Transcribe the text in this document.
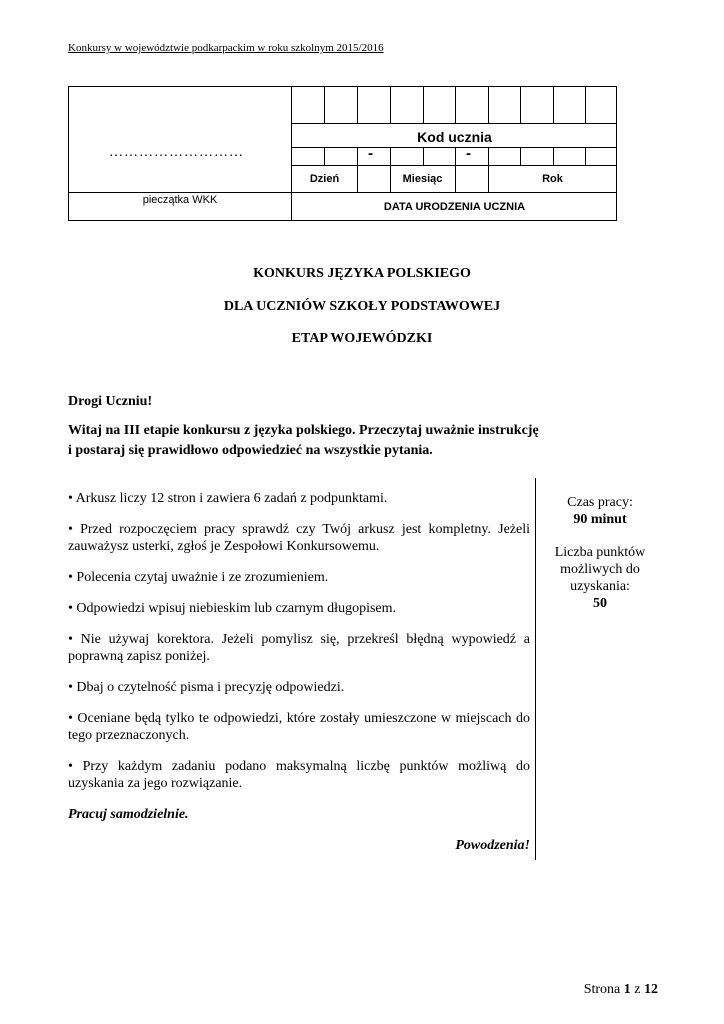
Konkursy w województwie podkarpackim w roku szkolnym 2015/2016
………………………
pieczątka WKK
-	-
Dzień	Miesiąc	Rok
DATA URODZENIA UCZNIA
Kod ucznia
KONKURS JĘZYKA POLSKIEGO
DLA UCZNIÓW SZKOŁY PODSTAWOWEJ
ETAP WOJEWÓDZKI
Drogi Uczniu!
Witaj na III etapie konkursu z języka polskiego. Przeczytaj uważnie instrukcję
i postaraj się prawidłowo odpowiedzieć na wszystkie pytania.

• Arkusz liczy 12 stron i zawiera 6 zadań z podpunktami.

• Przed rozpoczęciem pracy sprawdź czy Twój arkusz jest kompletny. Jeżeli zauważysz usterki, zgłoś je Zespołowi Konkursowemu.

• Polecenia czytaj uważnie i ze zrozumieniem.

• Odpowiedzi wpisuj niebieskim lub czarnym długopisem.

• Nie używaj korektora. Jeżeli pomylisz się, przekreśl błędną wypowiedź a poprawną zapisz poniżej.

• Dbaj o czytelność pisma i precyzję odpowiedzi.

• Oceniane będą tylko te odpowiedzi, które zostały umieszczone w miejscach do tego przeznaczonych.

• Przy każdym zadaniu podano maksymalną liczbę punktów możliwą do uzyskania za jego rozwiązanie.

Pracuj samodzielnie.

Powodzenia!

Czas pracy:
90 minut
Liczba punktów
możliwych do
uzyskania:
50
Strona 1 z 12
